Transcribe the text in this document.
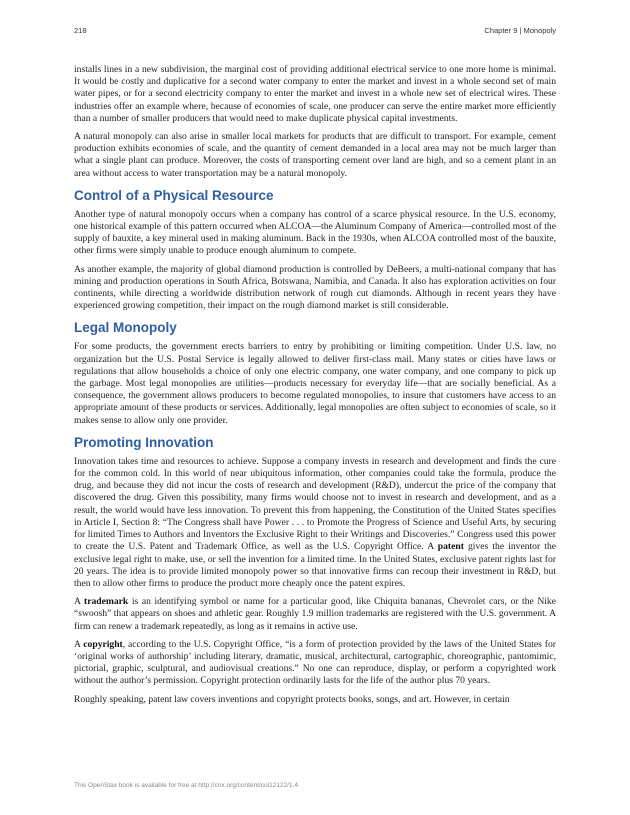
218	Chapter 9 | Monopoly

installs lines in a new subdivision, the marginal cost of providing additional electrical service to one more home is minimal. It would be costly and duplicative for a second water company to enter the market and invest in a whole second set of main water pipes, or for a second electricity company to enter the market and invest in a whole new set of electrical wires. These industries offer an example where, because of economies of scale, one producer can serve the entire market more efficiently than a number of smaller producers that would need to make duplicate physical capital investments.

A natural monopoly can also arise in smaller local markets for products that are difficult to transport. For example, cement production exhibits economies of scale, and the quantity of cement demanded in a local area may not be much larger than what a single plant can produce. Moreover, the costs of transporting cement over land are high, and so a cement plant in an area without access to water transportation may be a natural monopoly.

Control of a Physical Resource

Another type of natural monopoly occurs when a company has control of a scarce physical resource. In the U.S. economy, one historical example of this pattern occurred when ALCOA—the Aluminum Company of America—controlled most of the supply of bauxite, a key mineral used in making aluminum. Back in the 1930s, when ALCOA controlled most of the bauxite, other firms were simply unable to produce enough aluminum to compete.

As another example, the majority of global diamond production is controlled by DeBeers, a multi-national company that has mining and production operations in South Africa, Botswana, Namibia, and Canada. It also has exploration activities on four continents, while directing a worldwide distribution network of rough cut diamonds. Although in recent years they have experienced growing competition, their impact on the rough diamond market is still considerable.

Legal Monopoly

For some products, the government erects barriers to entry by prohibiting or limiting competition. Under U.S. law, no organization but the U.S. Postal Service is legally allowed to deliver first-class mail. Many states or cities have laws or regulations that allow households a choice of only one electric company, one water company, and one company to pick up the garbage. Most legal monopolies are utilities—products necessary for everyday life—that are socially beneficial. As a consequence, the government allows producers to become regulated monopolies, to insure that customers have access to an appropriate amount of these products or services. Additionally, legal monopolies are often subject to economies of scale, so it makes sense to allow only one provider.

Promoting Innovation

Innovation takes time and resources to achieve. Suppose a company invests in research and development and finds the cure for the common cold. In this world of near ubiquitous information, other companies could take the formula, produce the drug, and because they did not incur the costs of research and development (R&D), undercut the price of the company that discovered the drug. Given this possibility, many firms would choose not to invest in research and development, and as a result, the world would have less innovation. To prevent this from happening, the Constitution of the United States specifies in Article I, Section 8: “The Congress shall have Power . . . to Promote the Progress of Science and Useful Arts, by securing for limited Times to Authors and Inventors the Exclusive Right to their Writings and Discoveries.” Congress used this power to create the U.S. Patent and Trademark Office, as well as the U.S. Copyright Office. A patent gives the inventor the exclusive legal right to make, use, or sell the invention for a limited time. In the United States, exclusive patent rights last for 20 years. The idea is to provide limited monopoly power so that innovative firms can recoup their investment in R&D, but then to allow other firms to produce the product more cheaply once the patent expires.

A trademark is an identifying symbol or name for a particular good, like Chiquita bananas, Chevrolet cars, or the Nike “swoosh” that appears on shoes and athletic gear. Roughly 1.9 million trademarks are registered with the U.S. government. A firm can renew a trademark repeatedly, as long as it remains in active use.

A copyright, according to the U.S. Copyright Office, “is a form of protection provided by the laws of the United States for ‘original works of authorship’ including literary, dramatic, musical, architectural, cartographic, choreographic, pantomimic, pictorial, graphic, sculptural, and audiovisual creations.” No one can reproduce, display, or perform a copyrighted work without the author’s permission. Copyright protection ordinarily lasts for the life of the author plus 70 years.

Roughly speaking, patent law covers inventions and copyright protects books, songs, and art. However, in certain

This OpenStax book is available for free at http://cnx.org/content/col12122/1.4
